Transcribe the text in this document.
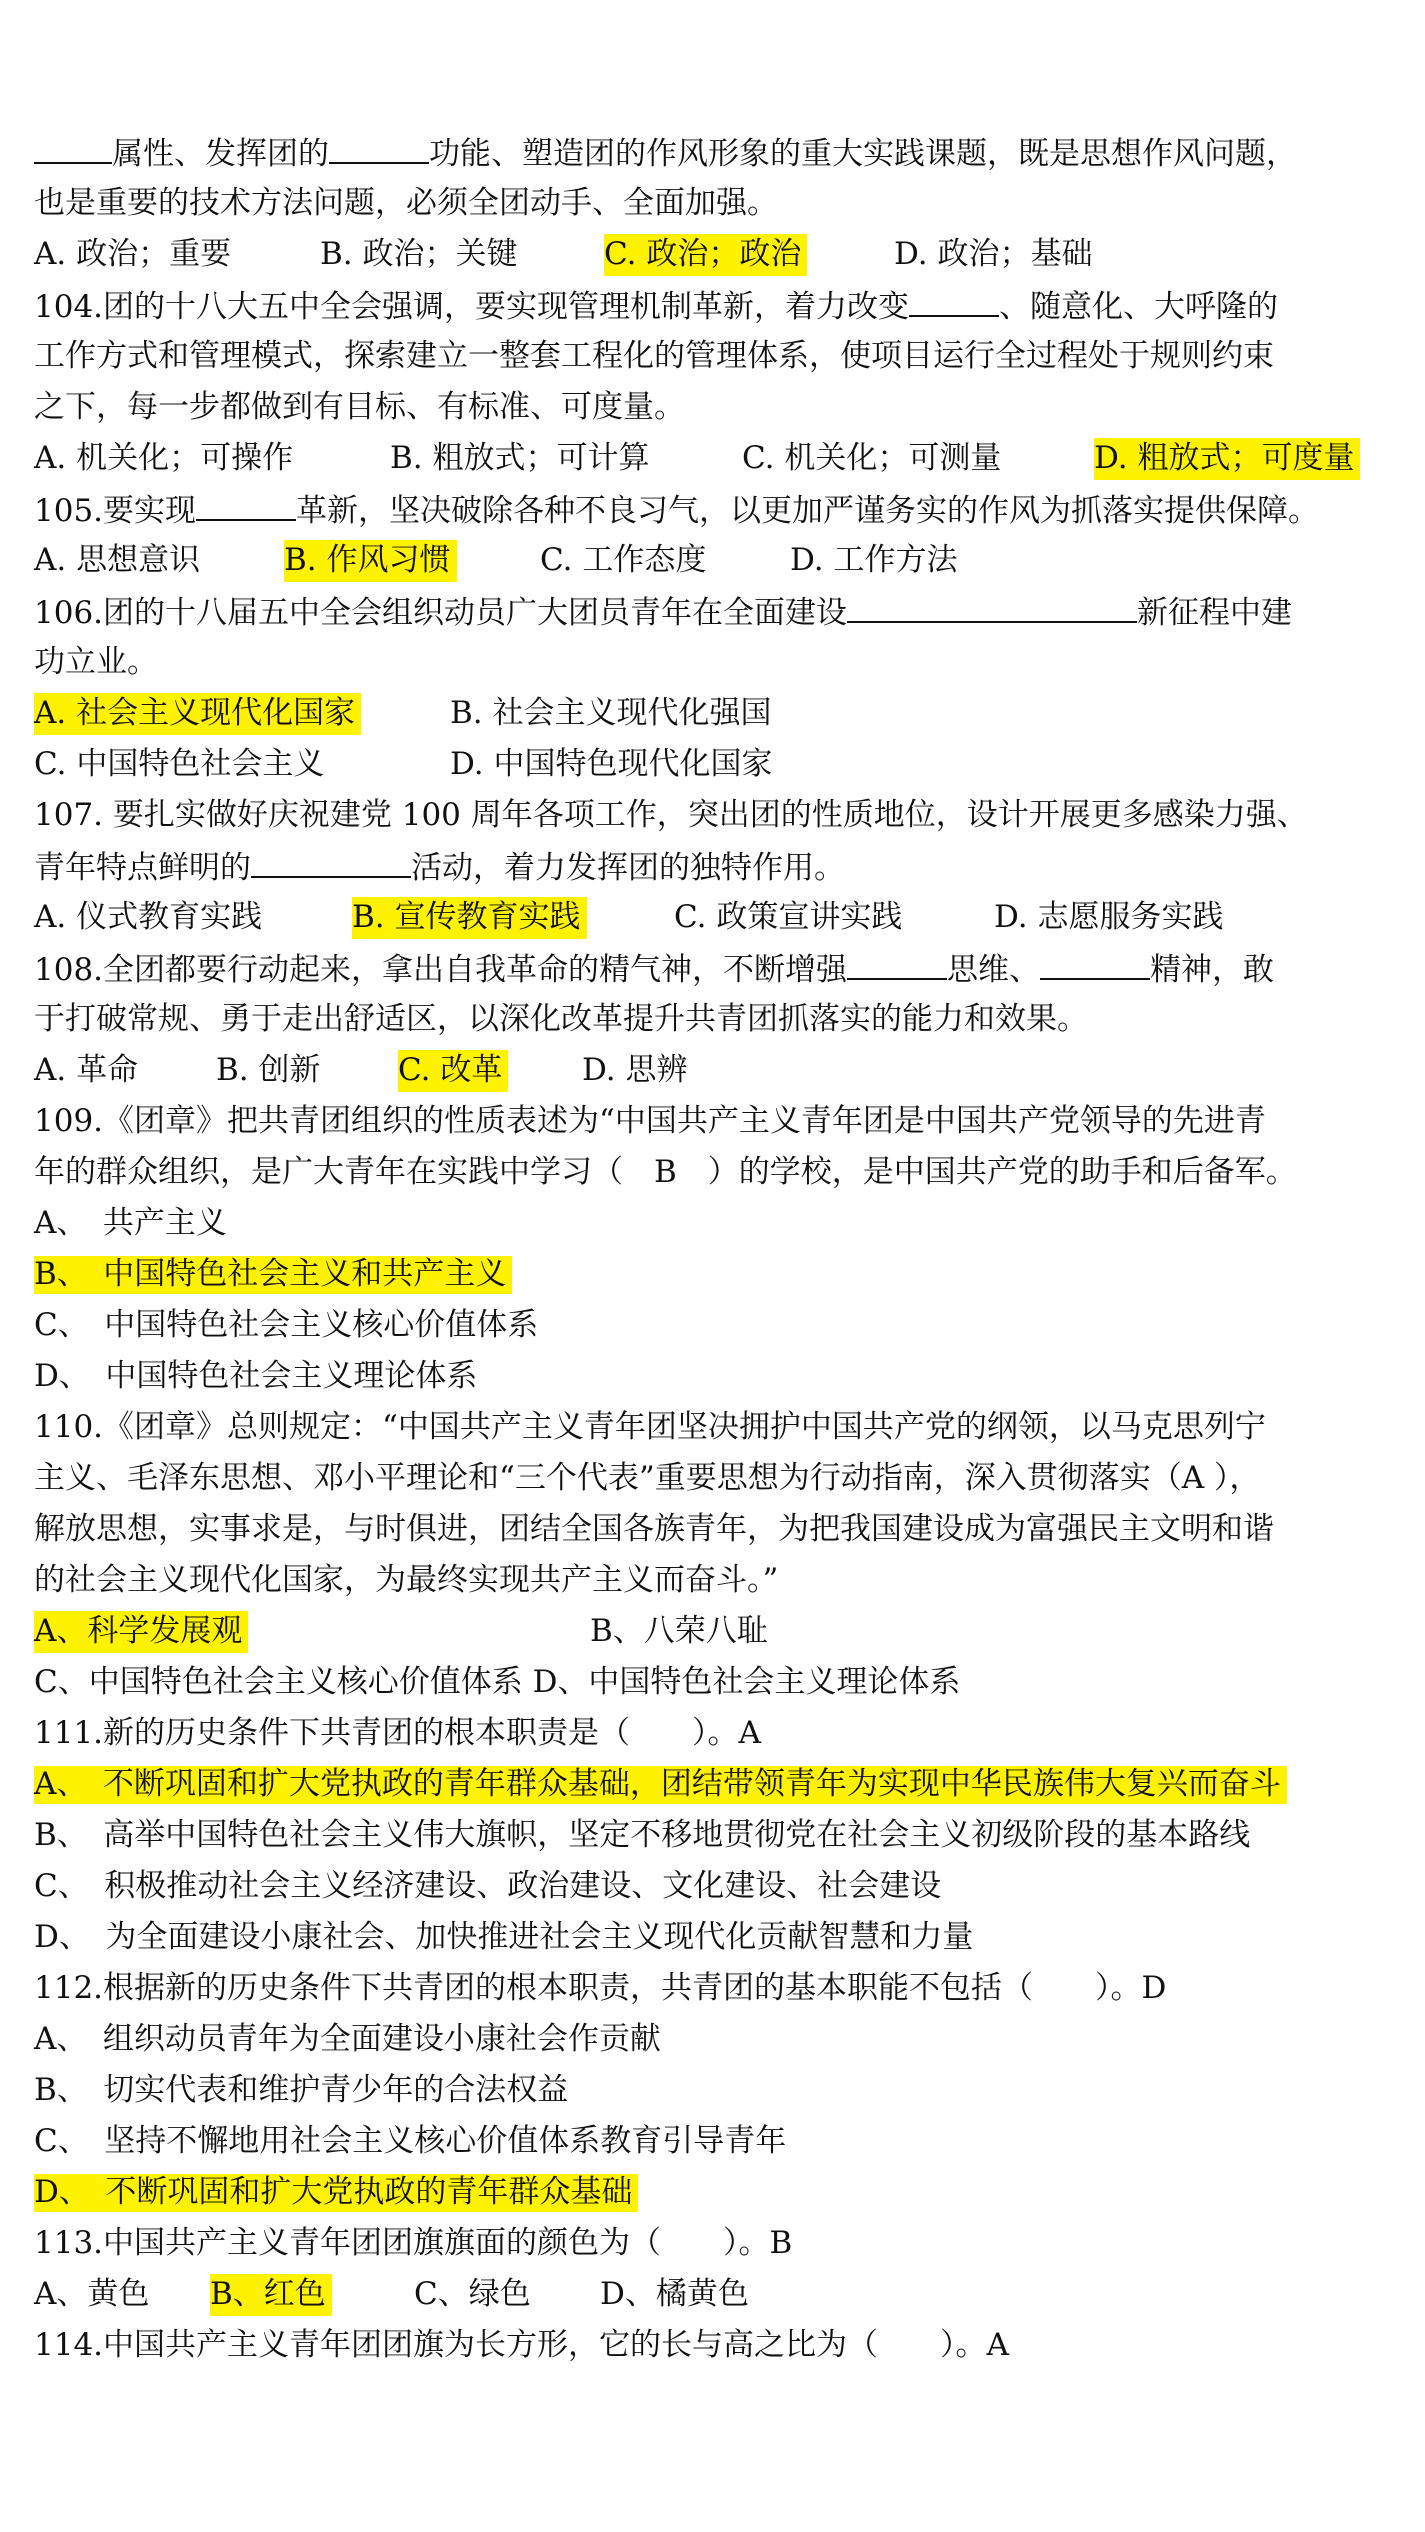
属性、发挥团的	功能、塑造团的作风形象的重大实践课题，既是思想作风问题，
也是重要的技术方法问题，必须全团动手、全面加强。
A. 政治；重要	B. 政治；关键	C. 政治；政治	D. 政治；基础
104.团的十八大五中全会强调，要实现管理机制革新，着力改变	、随意化、大呼隆的
工作方式和管理模式，探索建立一整套工程化的管理体系，使项目运行全过程处于规则约束
之下，每一步都做到有目标、有标准、可度量。
A. 机关化；可操作	B. 粗放式；可计算	C. 机关化；可测量	D. 粗放式；可度量
105.要实现	革新，坚决破除各种不良习气，以更加严谨务实的作风为抓落实提供保障。
A. 思想意识	B. 作风习惯	C. 工作态度	D. 工作方法
106.团的十八届五中全会组织动员广大团员青年在全面建设	新征程中建
功立业。
A. 社会主义现代化国家	B. 社会主义现代化强国
C. 中国特色社会主义	D. 中国特色现代化国家
107. 要扎实做好庆祝建党 100 周年各项工作，突出团的性质地位，设计开展更多感染力强、
青年特点鲜明的	活动，着力发挥团的独特作用。
A. 仪式教育实践	B. 宣传教育实践	C. 政策宣讲实践	D. 志愿服务实践
108.全团都要行动起来，拿出自我革命的精气神，不断增强	思维、	精神，敢
于打破常规、勇于走出舒适区，以深化改革提升共青团抓落实的能力和效果。
A. 革命	B. 创新	C. 改革	D. 思辨
109.《团章》把共青团组织的性质表述为“中国共产主义青年团是中国共产党领导的先进青
年的群众组织，是广大青年在实践中学习（　B　）的学校，是中国共产党的助手和后备军。
A、　共产主义
B、　中国特色社会主义和共产主义
C、　中国特色社会主义核心价值体系
D、　中国特色社会主义理论体系
110.《团章》总则规定：“中国共产主义青年团坚决拥护中国共产党的纲领，以马克思列宁
主义、毛泽东思想、邓小平理论和“三个代表”重要思想为行动指南，深入贯彻落实（A ），
解放思想，实事求是，与时俱进，团结全国各族青年，为把我国建设成为富强民主文明和谐
的社会主义现代化国家，为最终实现共产主义而奋斗。”
A、科学发展观	B、八荣八耻
C、中国特色社会主义核心价值体系 D、中国特色社会主义理论体系
111.新的历史条件下共青团的根本职责是（　　）。A
A、　不断巩固和扩大党执政的青年群众基础，团结带领青年为实现中华民族伟大复兴而奋斗
B、　高举中国特色社会主义伟大旗帜，坚定不移地贯彻党在社会主义初级阶段的基本路线
C、　积极推动社会主义经济建设、政治建设、文化建设、社会建设
D、　为全面建设小康社会、加快推进社会主义现代化贡献智慧和力量
112.根据新的历史条件下共青团的根本职责，共青团的基本职能不包括（　　）。D
A、　组织动员青年为全面建设小康社会作贡献
B、　切实代表和维护青少年的合法权益
C、　坚持不懈地用社会主义核心价值体系教育引导青年
D、　不断巩固和扩大党执政的青年群众基础
113.中国共产主义青年团团旗旗面的颜色为（　　）。B
A、黄色 B、红色	C、绿色 D、橘黄色
114.中国共产主义青年团团旗为长方形，它的长与高之比为（　　）。A
